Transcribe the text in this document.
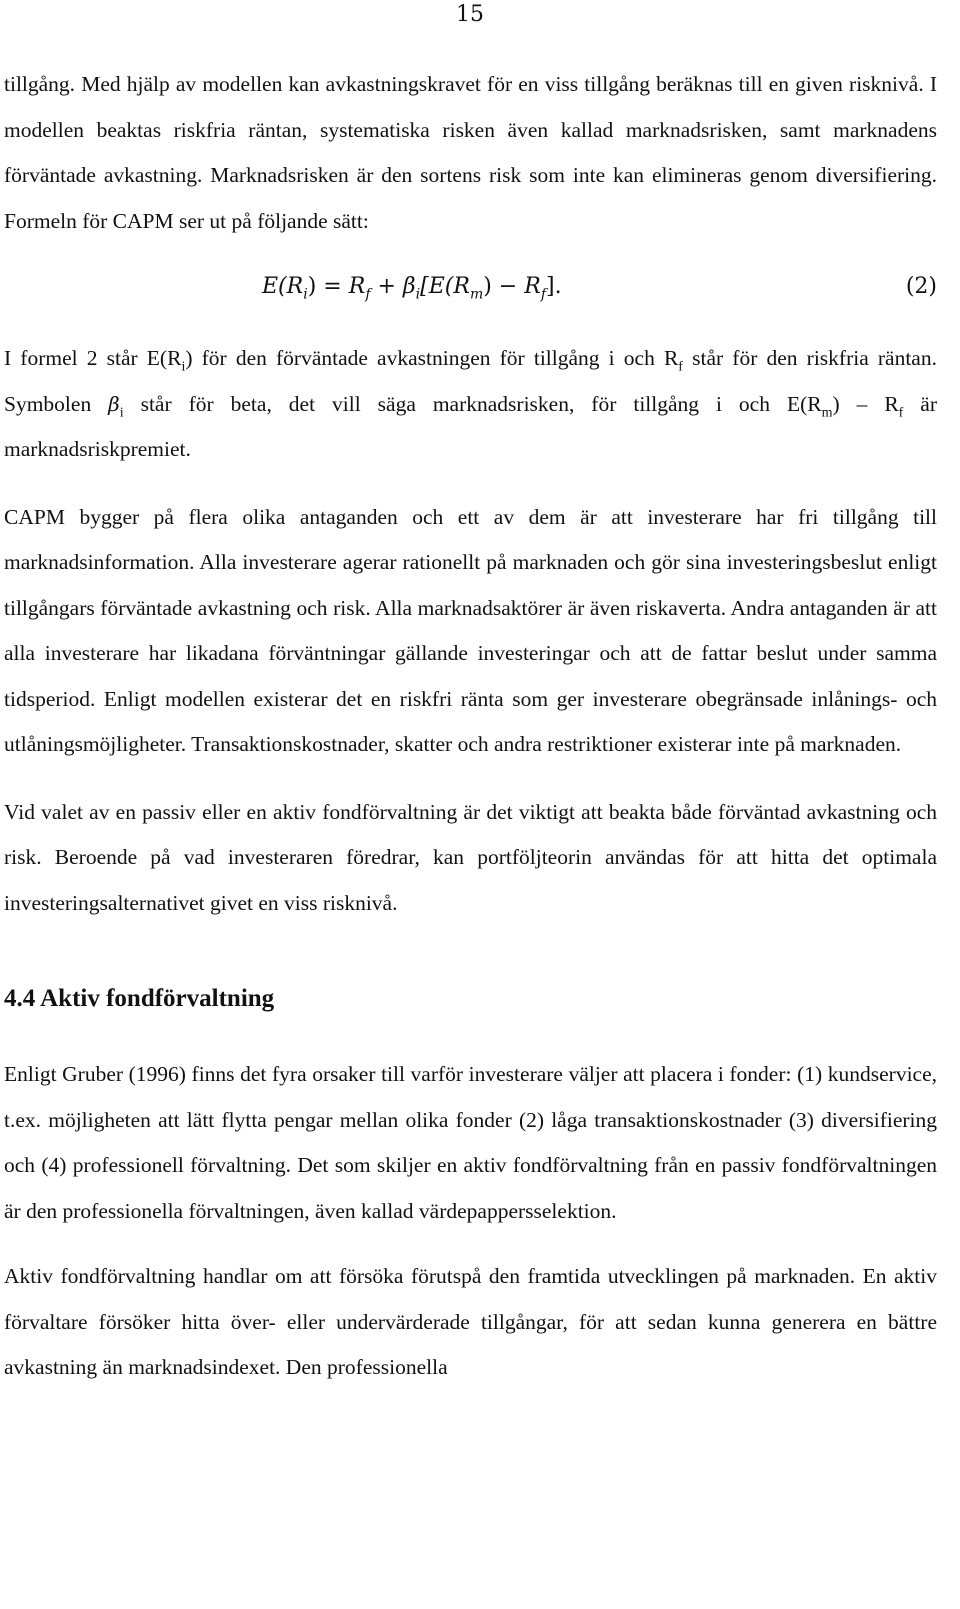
15

tillgång. Med hjälp av modellen kan avkastningskravet för en viss tillgång beräknas till en given risknivå. I modellen beaktas riskfria räntan, systematiska risken även kallad marknadsrisken, samt marknadens förväntade avkastning. Marknadsrisken är den sortens risk som inte kan elimineras genom diversifiering. Formeln för CAPM ser ut på följande sätt:

$E(R_i) = R_f + \beta_i[E(R_m) - R_f]$.	(2)

I formel 2 står $E(R_i)$ för den förväntade avkastningen för tillgång i och $R_f$ står för den riskfria räntan. Symbolen $\beta_i$ står för beta, det vill säga marknadsrisken, för tillgång i och $E(R_m) - R_f$ är marknadsriskpremiet.

CAPM bygger på flera olika antaganden och ett av dem är att investerare har fri tillgång till marknadsinformation. Alla investerare agerar rationellt på marknaden och gör sina investeringsbeslut enligt tillgångars förväntade avkastning och risk. Alla marknadsaktörer är även riskaverta. Andra antaganden är att alla investerare har likadana förväntningar gällande investeringar och att de fattar beslut under samma tidsperiod. Enligt modellen existerar det en riskfri ränta som ger investerare obegränsade inlånings- och utlåningsmöjligheter. Transaktionskostnader, skatter och andra restriktioner existerar inte på marknaden.

Vid valet av en passiv eller en aktiv fondförvaltning är det viktigt att beakta både förväntad avkastning och risk. Beroende på vad investeraren föredrar, kan portföljteorin användas för att hitta det optimala investeringsalternativet givet en viss risknivå.

4.4 Aktiv fondförvaltning

Enligt Gruber (1996) finns det fyra orsaker till varför investerare väljer att placera i fonder: (1) kundservice, t.ex. möjligheten att lätt flytta pengar mellan olika fonder (2) låga transaktionskostnader (3) diversifiering och (4) professionell förvaltning. Det som skiljer en aktiv fondförvaltning från en passiv fondförvaltningen är den professionella förvaltningen, även kallad värdepappersselektion.

Aktiv fondförvaltning handlar om att försöka förutspå den framtida utvecklingen på marknaden. En aktiv förvaltare försöker hitta över- eller undervärderade tillgångar, för att sedan kunna generera en bättre avkastning än marknadsindexet. Den professionella
